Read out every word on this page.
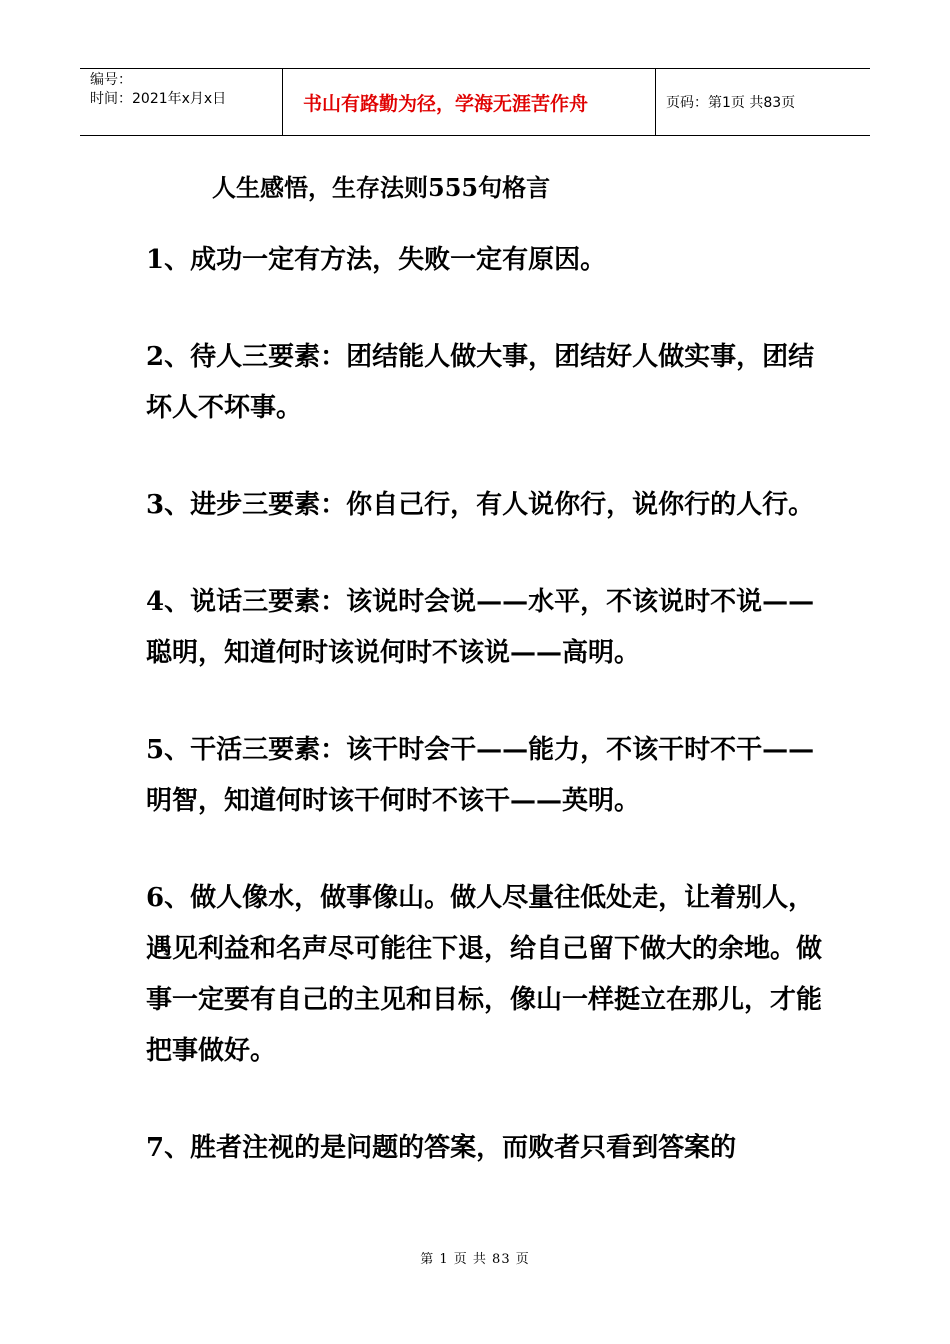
编号：
时间：2021年x月x日	书山有路勤为径，学海无涯苦作舟	页码：第1页 共83页
人生感悟，生存法则555句格言

1、成功一定有方法，失败一定有原因。

2、待人三要素：团结能人做大事，团结好人做实事，团结坏人不坏事。

3、进步三要素：你自己行，有人说你行，说你行的人行。

4、说话三要素：该说时会说——水平，不该说时不说——聪明，知道何时该说何时不该说——高明。

5、干活三要素：该干时会干——能力，不该干时不干——明智，知道何时该干何时不该干——英明。

6、做人像水，做事像山。做人尽量往低处走，让着别人，遇见利益和名声尽可能往下退，给自己留下做大的余地。做事一定要有自己的主见和目标，像山一样挺立在那儿，才能把事做好。

7、胜者注视的是问题的答案，而败者只看到答案的

第 1 页 共 83 页
